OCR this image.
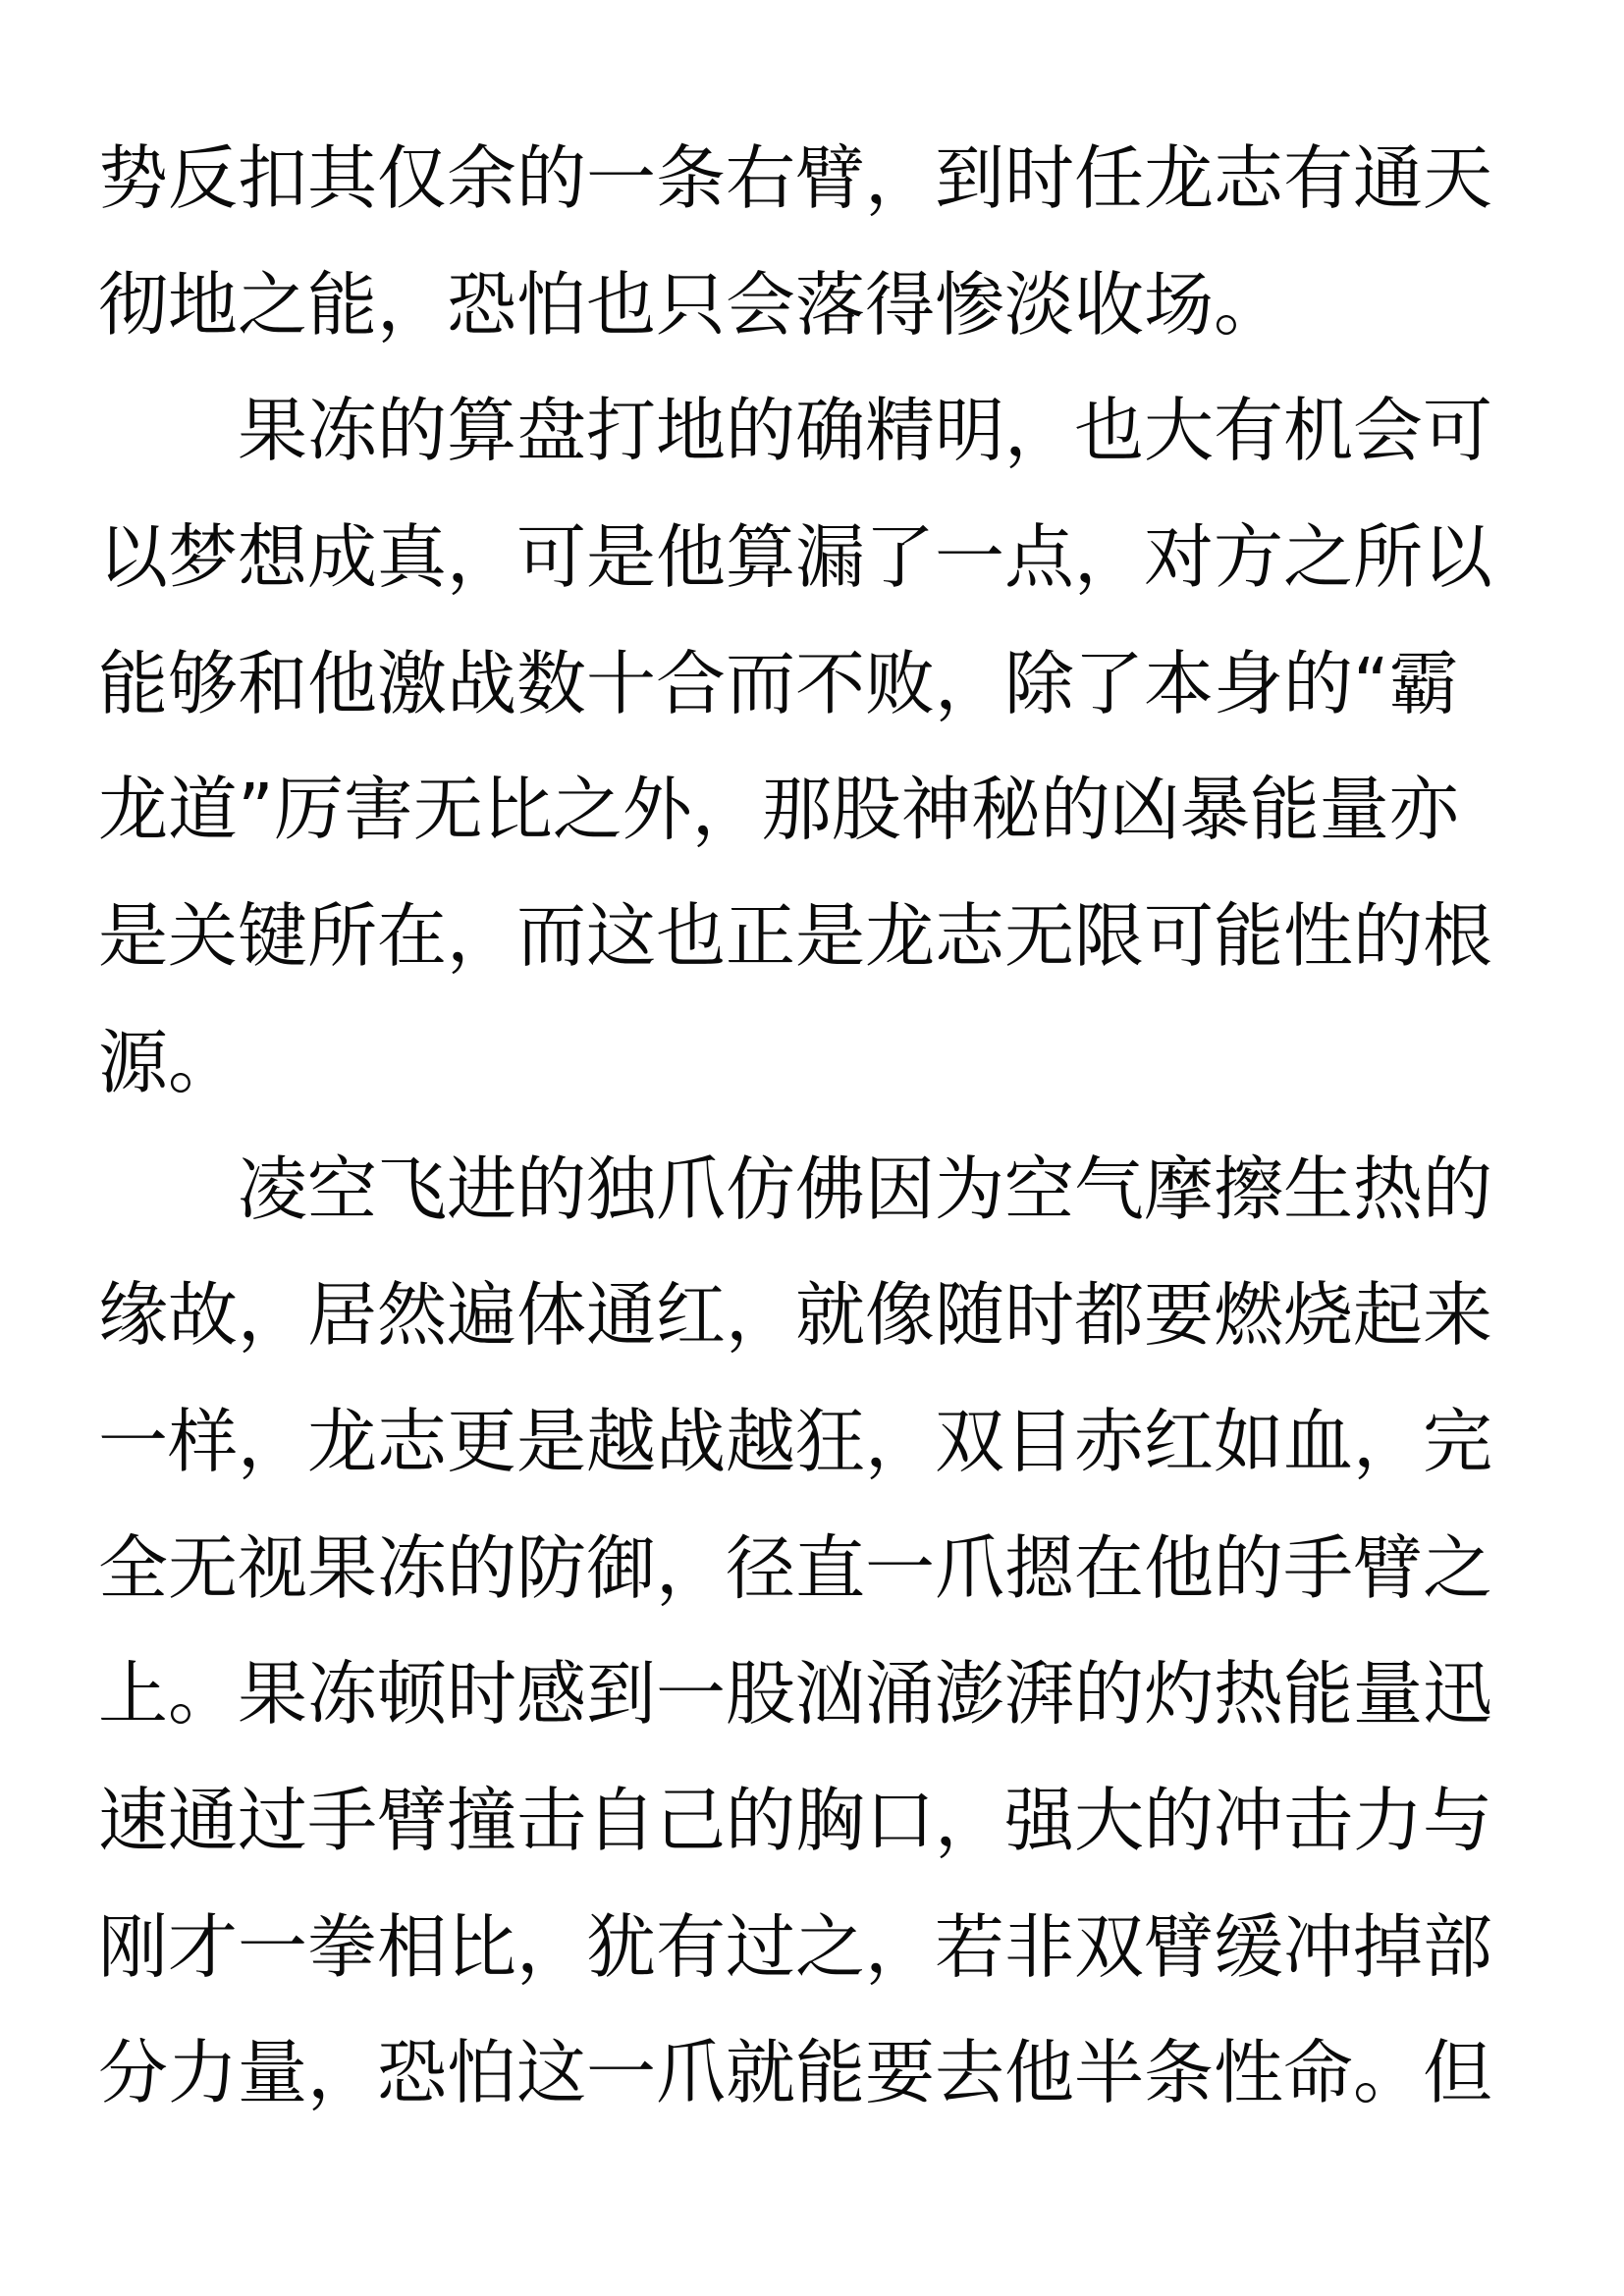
势反扣其仅余的一条右臂，到时任龙志有通天
彻地之能，恐怕也只会落得惨淡收场。
　　果冻的算盘打地的确精明，也大有机会可
以梦想成真，可是他算漏了一点，对方之所以
能够和他激战数十合而不败，除了本身的“霸
龙道”厉害无比之外，那股神秘的凶暴能量亦
是关键所在，而这也正是龙志无限可能性的根
源。
　　凌空飞进的独爪仿佛因为空气摩擦生热的
缘故，居然遍体通红，就像随时都要燃烧起来
一样，龙志更是越战越狂，双目赤红如血，完
全无视果冻的防御，径直一爪摁在他的手臂之
上。果冻顿时感到一股汹涌澎湃的灼热能量迅
速通过手臂撞击自己的胸口，强大的冲击力与
刚才一拳相比，犹有过之，若非双臂缓冲掉部
分力量，恐怕这一爪就能要去他半条性命。但
